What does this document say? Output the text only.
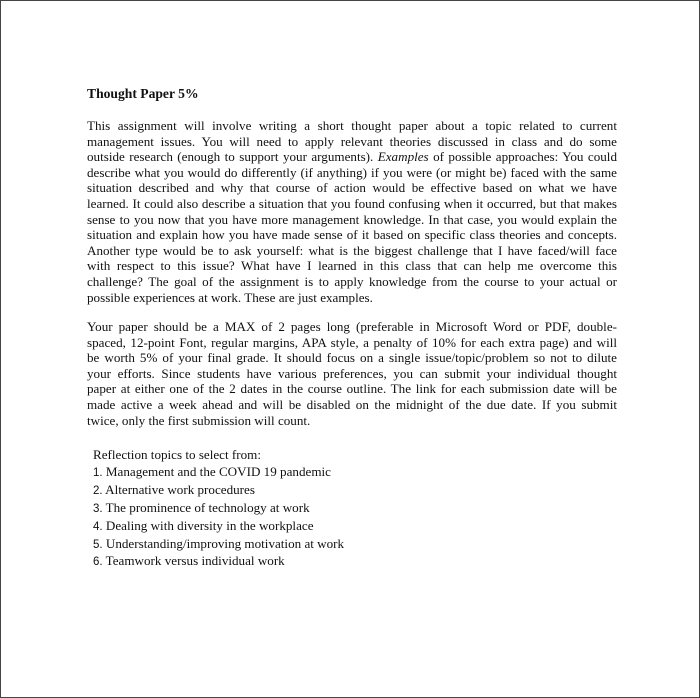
Thought Paper 5%
This assignment will involve writing a short thought paper about a topic related to current
management issues. You will need to apply relevant theories discussed in class and do some
outside research (enough to support your arguments). Examples of possible approaches: You could
describe what you would do differently (if anything) if you were (or might be) faced with the same
situation described and why that course of action would be effective based on what we have
learned. It could also describe a situation that you found confusing when it occurred, but that makes
sense to you now that you have more management knowledge. In that case, you would explain the
situation and explain how you have made sense of it based on specific class theories and concepts.
Another type would be to ask yourself: what is the biggest challenge that I have faced/will face
with respect to this issue? What have I learned in this class that can help me overcome this
challenge? The goal of the assignment is to apply knowledge from the course to your actual or
possible experiences at work. These are just examples.
Your paper should be a MAX of 2 pages long (preferable in Microsoft Word or PDF, double-
spaced, 12-point Font, regular margins, APA style, a penalty of 10% for each extra page) and will
be worth 5% of your final grade. It should focus on a single issue/topic/problem so not to dilute
your efforts. Since students have various preferences, you can submit your individual thought
paper at either one of the 2 dates in the course outline. The link for each submission date will be
made active a week ahead and will be disabled on the midnight of the due date. If you submit
twice, only the first submission will count.
Reflection topics to select from:
1. Management and the COVID 19 pandemic
2. Alternative work procedures
3. The prominence of technology at work
4. Dealing with diversity in the workplace
5. Understanding/improving motivation at work
6. Teamwork versus individual work
